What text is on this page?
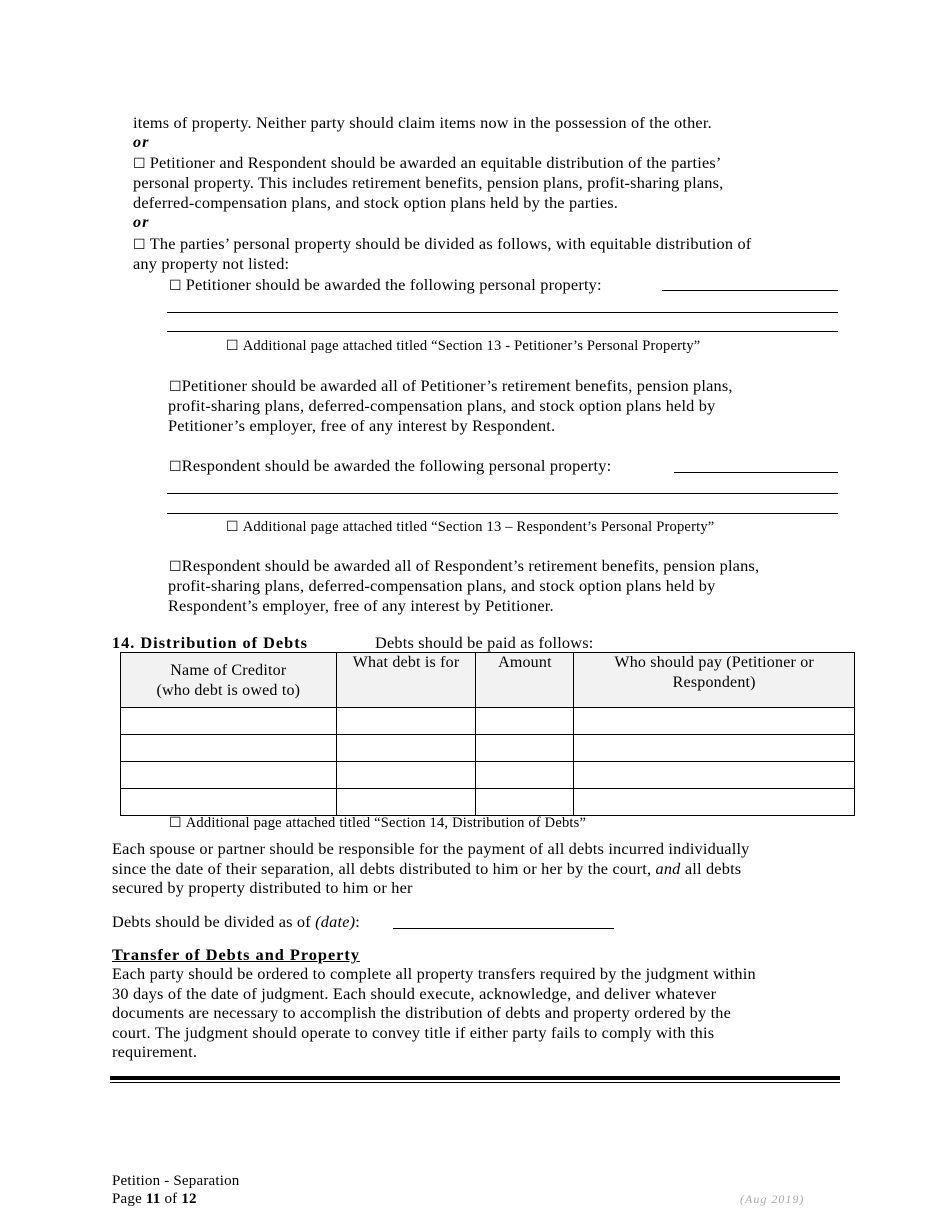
items of property. Neither party should claim items now in the possession of the other.
or
☐ Petitioner and Respondent should be awarded an equitable distribution of the parties’
personal property. This includes retirement benefits, pension plans, profit-sharing plans,
deferred-compensation plans, and stock option plans held by the parties.
or
☐ The parties’ personal property should be divided as follows, with equitable distribution of
any property not listed:
☐ Petitioner should be awarded the following personal property:
☐ Additional page attached titled “Section 13 - Petitioner’s Personal Property”
☐Petitioner should be awarded all of Petitioner’s retirement benefits, pension plans,
profit-sharing plans, deferred-compensation plans, and stock option plans held by
Petitioner’s employer, free of any interest by Respondent.
☐Respondent should be awarded the following personal property:
☐ Additional page attached titled “Section 13 – Respondent’s Personal Property”
☐Respondent should be awarded all of Respondent’s retirement benefits, pension plans,
profit-sharing plans, deferred-compensation plans, and stock option plans held by
Respondent’s employer, free of any interest by Petitioner.
14. Distribution of Debts	Debts should be paid as follows:
Name of Creditor
(who debt is owed to)	What debt is for	Amount	Who should pay (Petitioner or
Respondent)

☐ Additional page attached titled “Section 14, Distribution of Debts”
Each spouse or partner should be responsible for the payment of all debts incurred individually
since the date of their separation, all debts distributed to him or her by the court, and all debts
secured by property distributed to him or her
Debts should be divided as of (date):
Transfer of Debts and Property
Each party should be ordered to complete all property transfers required by the judgment within
30 days of the date of judgment. Each should execute, acknowledge, and deliver whatever
documents are necessary to accomplish the distribution of debts and property ordered by the
court. The judgment should operate to convey title if either party fails to comply with this
requirement.
Petition - Separation
Page 11 of 12	(Aug 2019)
